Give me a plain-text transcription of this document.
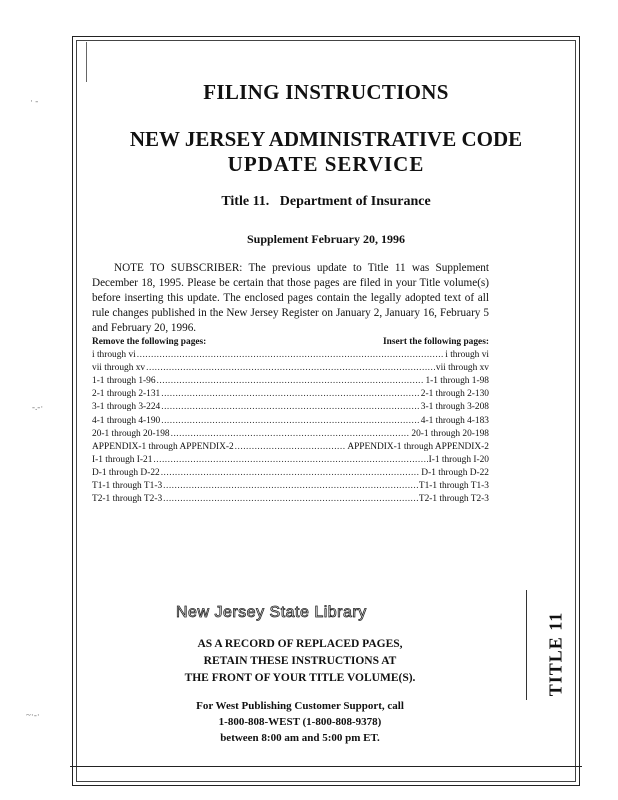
FILING INSTRUCTIONS
NEW JERSEY ADMINISTRATIVE CODE
UPDATE SERVICE
Title 11.   Department of Insurance
Supplement February 20, 1996
NOTE TO SUBSCRIBER: The previous update to Title 11 was Supplement December 18, 1995. Please be certain that those pages are filed in your Title volume(s) before inserting this update. The enclosed pages contain the legally adopted text of all rule changes published in the New Jersey Register on January 2, January 16, February 5 and February 20, 1996.
Remove the following pages:	Insert the following pages:
i through vi .....	i through vi
vii through xv .....	vii through xv
1-1 through 1-96 .....	1-1 through 1-98
2-1 through 2-131 .....	2-1 through 2-130
3-1 through 3-224 .....	3-1 through 3-208
4-1 through 4-190 .....	4-1 through 4-183
20-1 through 20-198 .....	20-1 through 20-198
APPENDIX-1 through APPENDIX-2 .....	APPENDIX-1 through APPENDIX-2
I-1 through I-21 .....	I-1 through I-20
D-1 through D-22 .....	D-1 through D-22
T1-1 through T1-3 .....	T1-1 through T1-3
T2-1 through T2-3 .....	T2-1 through T2-3
New Jersey State Library
AS A RECORD OF REPLACED PAGES,
RETAIN THESE INSTRUCTIONS AT
THE FRONT OF YOUR TITLE VOLUME(S).
For West Publishing Customer Support, call
1-800-808-WEST (1-800-808-9378)
between 8:00 am and 5:00 pm ET.
TITLE 11
· -
-.-·
~·-·
